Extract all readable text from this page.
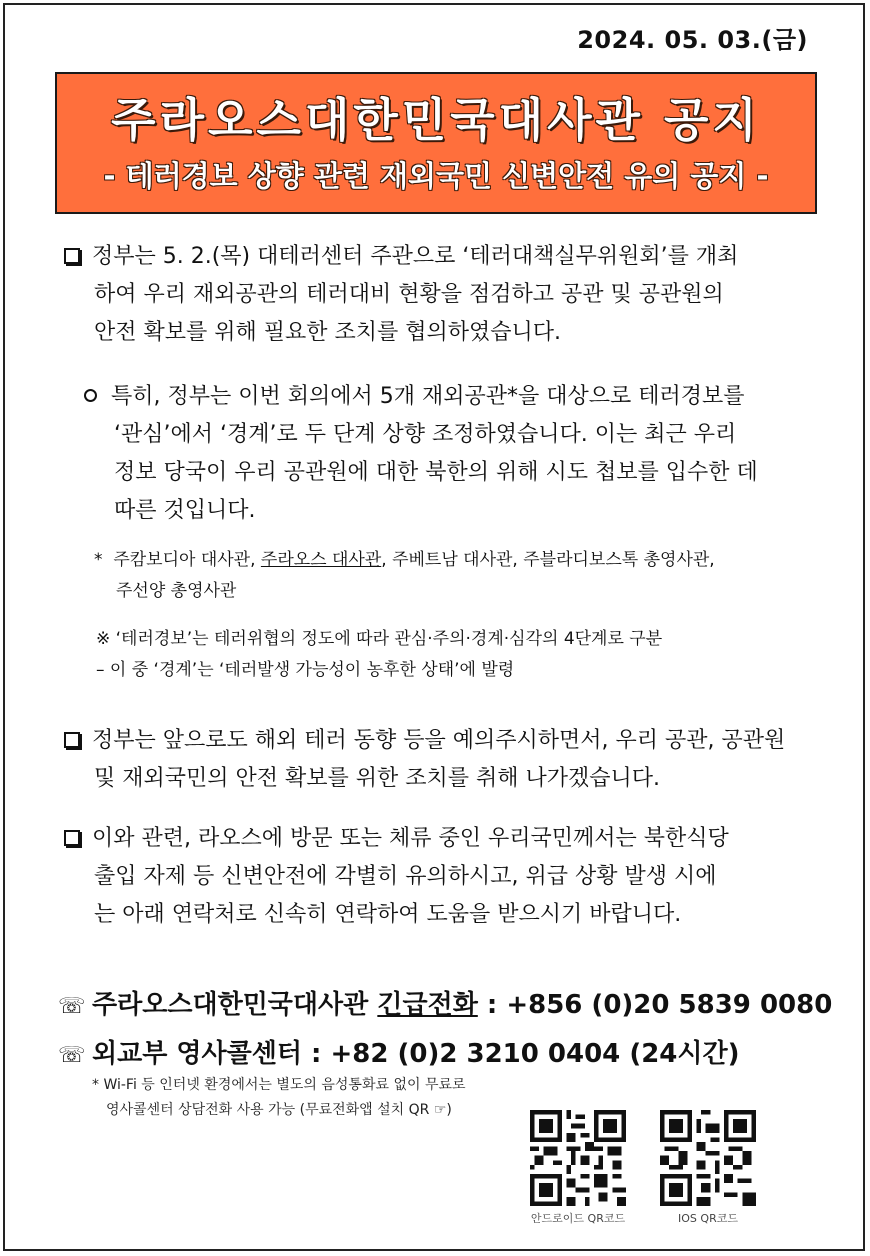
2024. 05. 03.(금)
주라오스대한민국대사관 공지
- 테러경보 상향 관련 재외국민 신변안전 유의 공지 -
정부는 5. 2.(목) 대테러센터 주관으로 ‘테러대책실무위원회’를 개최
하여 우리 재외공관의 테러대비 현황을 점검하고 공관 및 공관원의
안전 확보를 위해 필요한 조치를 협의하였습니다.
특히, 정부는 이번 회의에서 5개 재외공관*을 대상으로 테러경보를
‘관심’에서 ‘경계’로 두 단계 상향 조정하였습니다. 이는 최근 우리
정보 당국이 우리 공관원에 대한 북한의 위해 시도 첩보를 입수한 데
따른 것입니다.
* 주캄보디아 대사관, 주라오스 대사관, 주베트남 대사관, 주블라디보스톡 총영사관,
주선양 총영사관
※ ‘테러경보’는 테러위협의 정도에 따라 관심·주의·경계·심각의 4단계로 구분
– 이 중 ‘경계’는 ‘테러발생 가능성이 농후한 상태’에 발령
정부는 앞으로도 해외 테러 동향 등을 예의주시하면서, 우리 공관, 공관원
및 재외국민의 안전 확보를 위한 조치를 취해 나가겠습니다.
이와 관련, 라오스에 방문 또는 체류 중인 우리국민께서는 북한식당
출입 자제 등 신변안전에 각별히 유의하시고, 위급 상황 발생 시에
는 아래 연락처로 신속히 연락하여 도움을 받으시기 바랍니다.
☏ 주라오스대한민국대사관 긴급전화 : +856 (0)20 5839 0080
☏ 외교부 영사콜센터 : +82 (0)2 3210 0404 (24시간)
* Wi-Fi 등 인터넷 환경에서는 별도의 음성통화료 없이 무료로
영사콜센터 상담전화 사용 가능 (무료전화앱 설치 QR ☞)
안드로이드 QR코드	IOS QR코드
